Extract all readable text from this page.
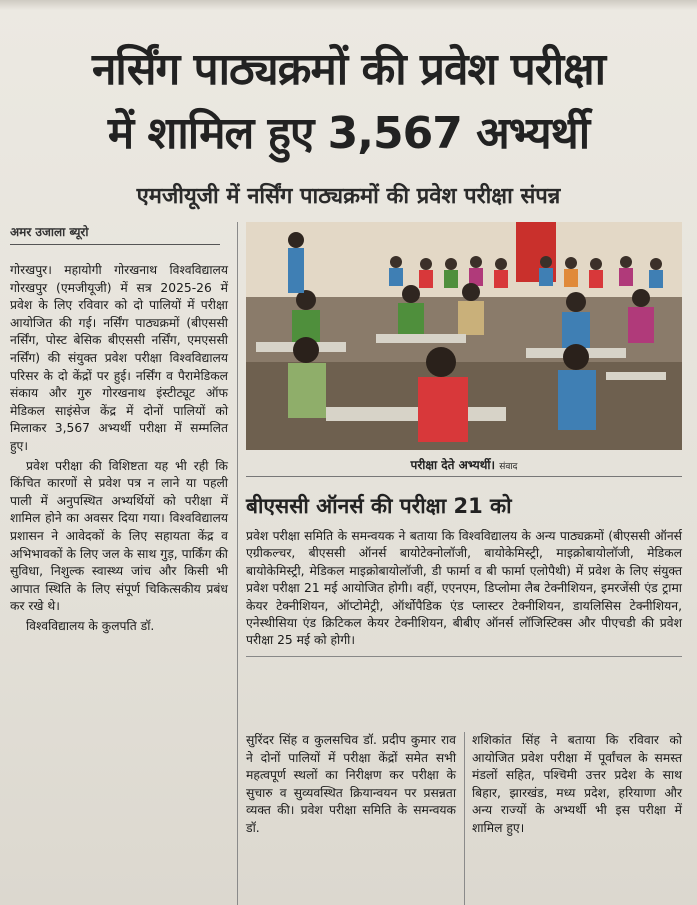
नर्सिंग पाठ्यक्रमों की प्रवेश परीक्षा
में शामिल हुए 3,567 अभ्यर्थी
एमजीयूजी में नर्सिंग पाठ्यक्रमों की प्रवेश परीक्षा संपन्न
अमर उजाला ब्यूरो

गोरखपुर। महायोगी गोरखनाथ विश्वविद्यालय गोरखपुर (एमजीयूजी) में सत्र 2025-26 में प्रवेश के लिए रविवार को दो पालियों में परीक्षा आयोजित की गई। नर्सिंग पाठ्यक्रमों (बीएससी नर्सिंग, पोस्ट बेसिक बीएससी नर्सिंग, एमएससी नर्सिंग) की संयुक्त प्रवेश परीक्षा विश्वविद्यालय परिसर के दो केंद्रों पर हुई। नर्सिंग व पैरामेडिकल संकाय और गुरु गोरखनाथ इंस्टीट्यूट ऑफ मेडिकल साइंसेज केंद्र में दोनों पालियों को मिलाकर 3,567 अभ्यर्थी परीक्षा में सम्मलित हुए।

प्रवेश परीक्षा की विशिष्टता यह भी रही कि किंचित कारणों से प्रवेश पत्र न लाने या पहली पाली में अनुपस्थित अभ्यर्थियों को परीक्षा में शामिल होने का अवसर दिया गया। विश्वविद्यालय प्रशासन ने आवेदकों के लिए सहायता केंद्र व अभिभावकों के लिए जल के साथ गुड़, पार्किंग की सुविधा, निशुल्क स्वास्थ्य जांच और किसी भी आपात स्थिति के लिए संपूर्ण चिकित्सकीय प्रबंध कर रखे थे।

विश्वविद्यालय के कुलपति डॉ.

परीक्षा देते अभ्यर्थी। संवाद
बीएससी ऑनर्स की परीक्षा 21 को
प्रवेश परीक्षा समिति के समन्वयक ने बताया कि विश्वविद्यालय के अन्य पाठ्यक्रमों (बीएससी ऑनर्स एग्रीकल्चर, बीएससी ऑनर्स बायोटेक्नोलॉजी, बायोकेमिस्ट्री, माइक्रोबायोलॉजी, मेडिकल बायोकेमिस्ट्री, मेडिकल माइक्रोबायोलॉजी, डी फार्मा व बी फार्मा एलोपैथी) में प्रवेश के लिए संयुक्त प्रवेश परीक्षा 21 मई आयोजित होगी। वहीं, एएनएम, डिप्लोमा लैब टेक्नीशियन, इमरजेंसी एंड ट्रामा केयर टेक्नीशियन, ऑप्टोमेट्री, ऑर्थोपैडिक एंड प्लास्टर टेक्नीशियन, डायलिसिस टेक्नीशियन, एनेस्थीसिया एंड क्रिटिकल केयर टेक्नीशियन, बीबीए ऑनर्स लॉजिस्टिक्स और पीएचडी की प्रवेश परीक्षा 25 मई को होगी।
सुरिंदर सिंह व कुलसचिव डॉ. प्रदीप कुमार राव ने दोनों पालियों में परीक्षा केंद्रों समेत सभी महत्वपूर्ण स्थलों का निरीक्षण कर परीक्षा के सुचारु व सुव्यवस्थित क्रियान्वयन पर प्रसन्नता व्यक्त की। प्रवेश परीक्षा समिति के समन्वयक डॉ.
शशिकांत सिंह ने बताया कि रविवार को आयोजित प्रवेश परीक्षा में पूर्वांचल के समस्त मंडलों सहित, पश्चिमी उत्तर प्रदेश के साथ बिहार, झारखंड, मध्य प्रदेश, हरियाणा और अन्य राज्यों के अभ्यर्थी भी इस परीक्षा में शामिल हुए।
